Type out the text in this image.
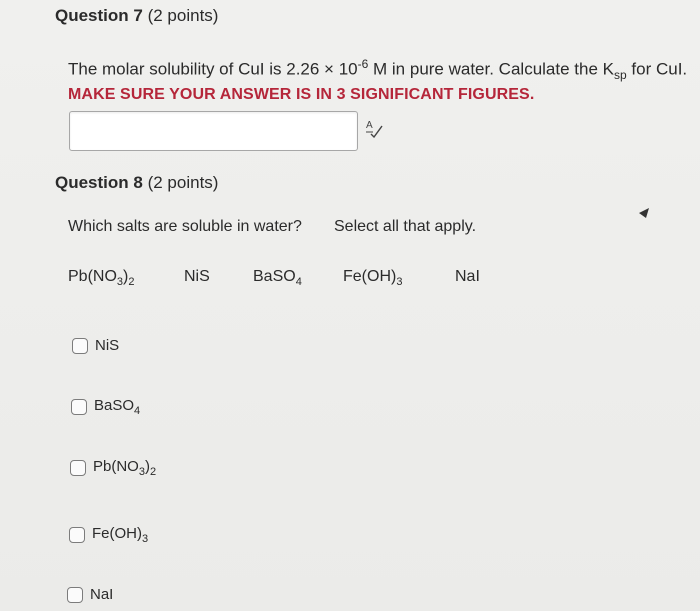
Question 7 (2 points)
The molar solubility of CuI is $2.26 \times 10^{-6}$ M in pure water. Calculate the $K_{sp}$ for CuI.
MAKE SURE YOUR ANSWER IS IN 3 SIGNIFICANT FIGURES.
A
Question 8 (2 points)
Which salts are soluble in water? Select all that apply.
$Pb(NO_3)_2$	NiS	BaSO$_4$	$Fe(OH)_3$	NaI
NiS
BaSO$_4$
$Pb(NO_3)_2$
$Fe(OH)_3$
NaI
